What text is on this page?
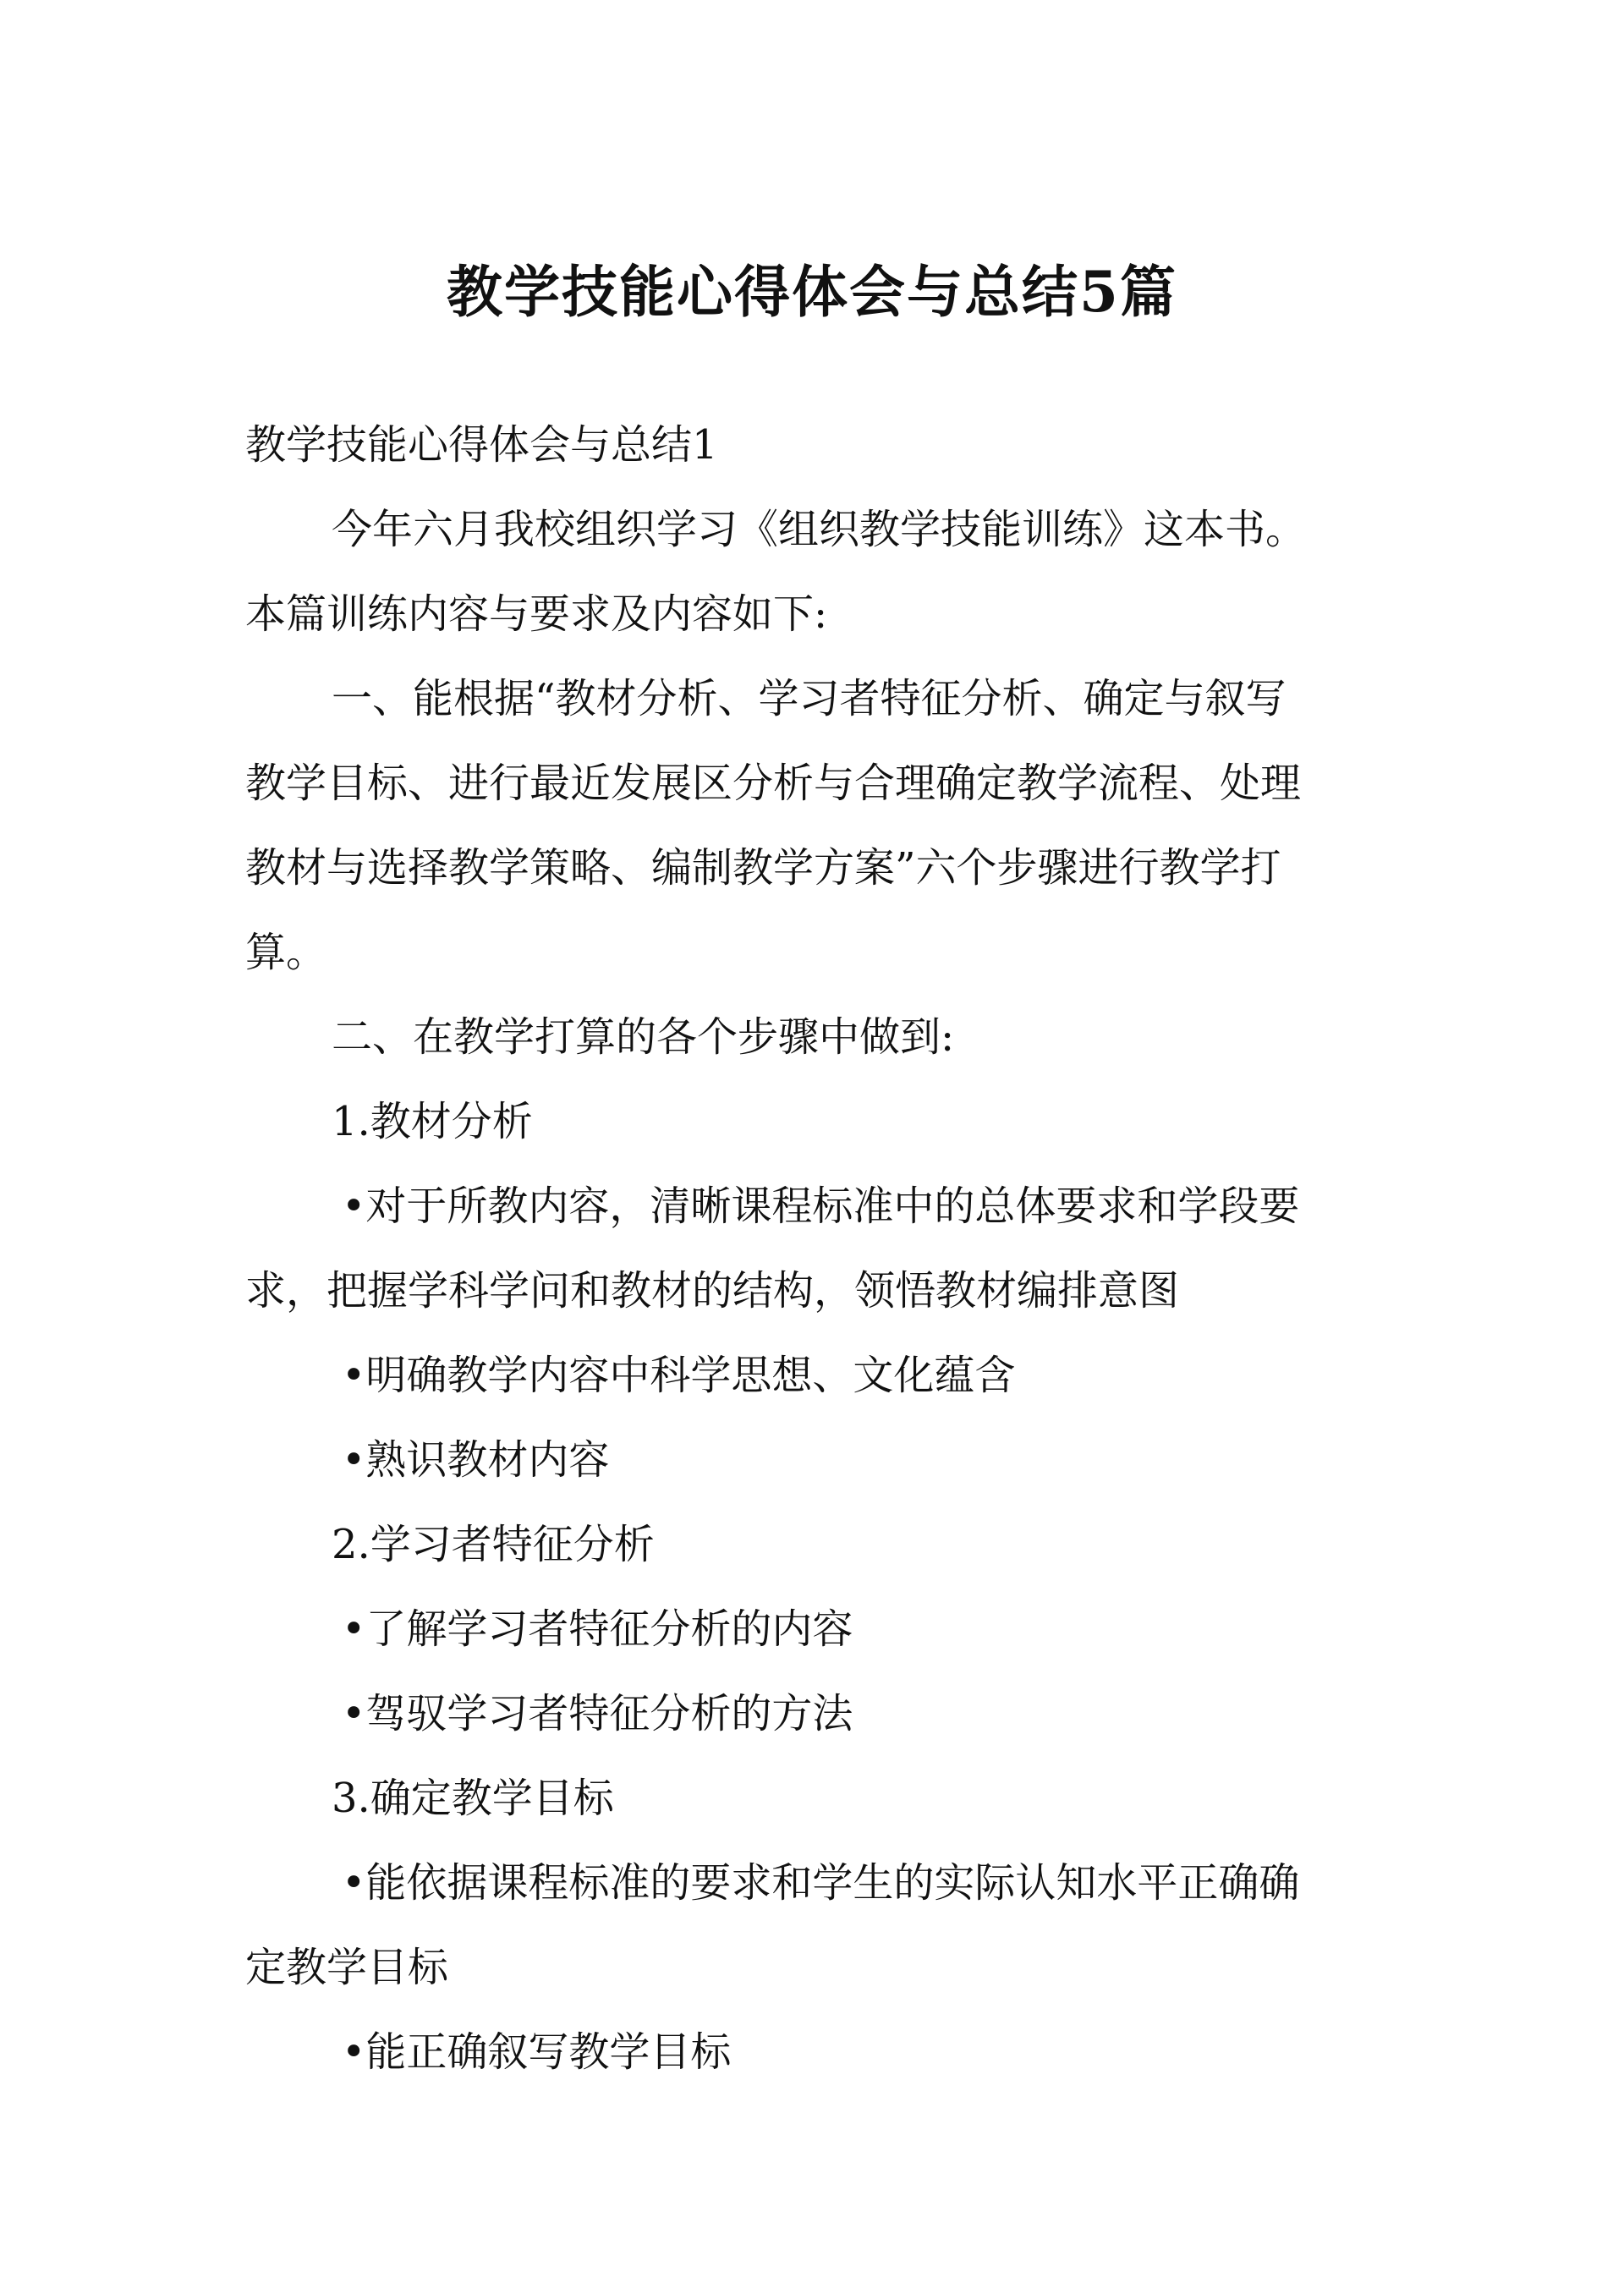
教学技能心得体会与总结5篇
教学技能心得体会与总结1
今年六月我校组织学习《组织教学技能训练》这本书。
本篇训练内容与要求及内容如下:
一、能根据“教材分析、学习者特征分析、确定与叙写
教学目标、进行最近发展区分析与合理确定教学流程、处理
教材与选择教学策略、编制教学方案”六个步骤进行教学打
算。
二、在教学打算的各个步骤中做到:
1.教材分析
•对于所教内容，清晰课程标准中的总体要求和学段要
求，把握学科学问和教材的结构，领悟教材编排意图
•明确教学内容中科学思想、文化蕴含
•熟识教材内容
2.学习者特征分析
•了解学习者特征分析的内容
•驾驭学习者特征分析的方法
3.确定教学目标
•能依据课程标准的要求和学生的实际认知水平正确确
定教学目标
•能正确叙写教学目标
